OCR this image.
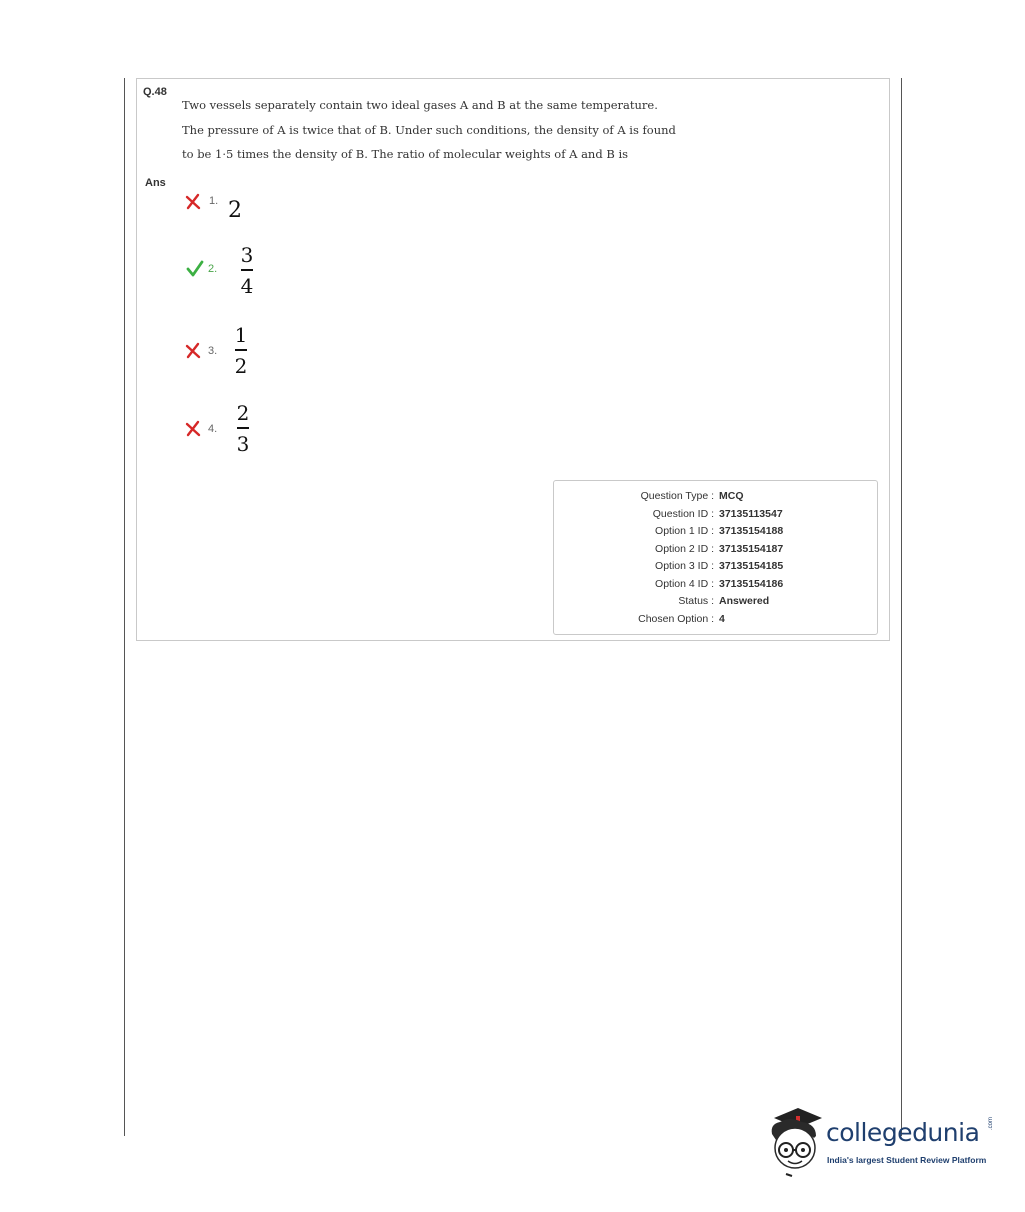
Q.48
Two vessels separately contain two ideal gases A and B at the same temperature.
The pressure of A is twice that of B. Under such conditions, the density of A is found
to be 1·5 times the density of B. The ratio of molecular weights of A and B is
Ans
1. 2
2.
3
4
3.
1
2
4.
2
3
Question Type : MCQ
Question ID : 37135113547
Option 1 ID : 37135154188
Option 2 ID : 37135154187
Option 3 ID : 37135154185
Option 4 ID : 37135154186
Status : Answered
Chosen Option : 4
collegedunia .com
India's largest Student Review Platform
